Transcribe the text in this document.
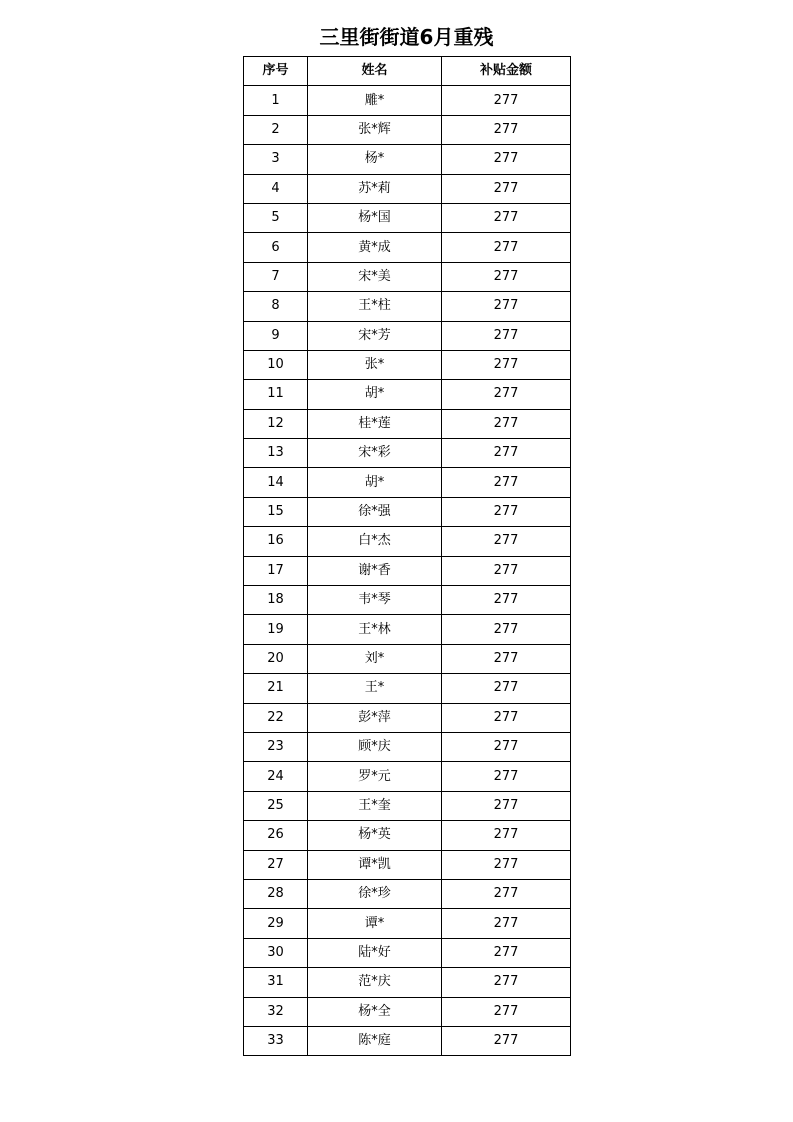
三里街街道6月重残
序号	姓名	补贴金额
1	雕*	277
2	张*辉	277
3	杨*	277
4	苏*莉	277
5	杨*国	277
6	黄*成	277
7	宋*美	277
8	王*柱	277
9	宋*芳	277
10	张*	277
11	胡*	277
12	桂*莲	277
13	宋*彩	277
14	胡*	277
15	徐*强	277
16	白*杰	277
17	谢*香	277
18	韦*琴	277
19	王*林	277
20	刘*	277
21	王*	277
22	彭*萍	277
23	顾*庆	277
24	罗*元	277
25	王*奎	277
26	杨*英	277
27	谭*凯	277
28	徐*珍	277
29	谭*	277
30	陆*好	277
31	范*庆	277
32	杨*全	277
33	陈*庭	277
